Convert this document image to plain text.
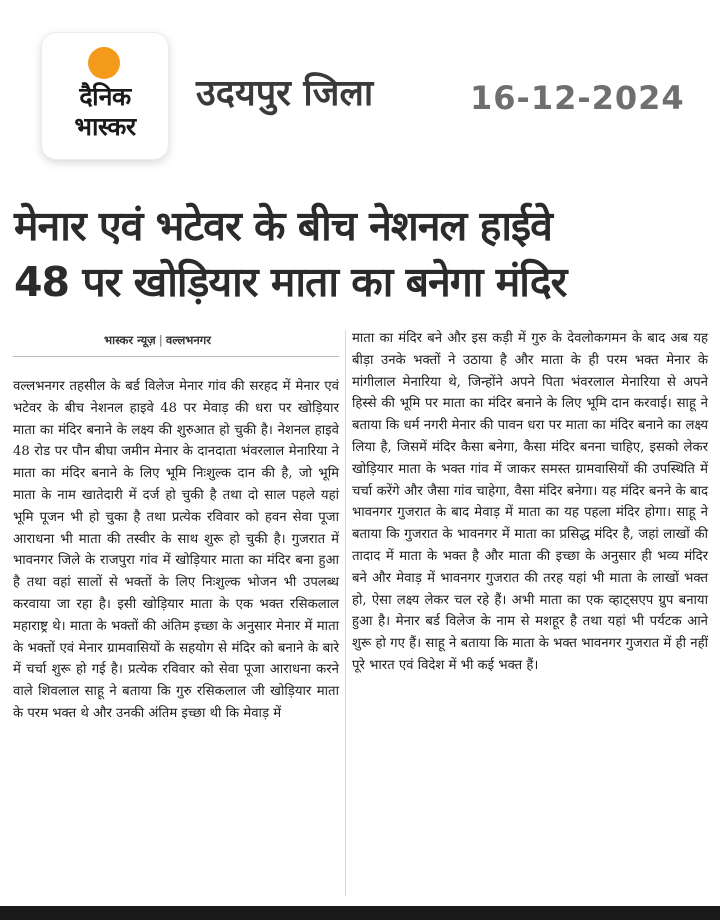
दैनिक
भास्कर
उदयपुर जिला	16-12-2024
मेनार एवं भटेवर के बीच नेशनल हाईवे
48 पर खोड़ियार माता का बनेगा मंदिर
भास्कर न्यूज़ | वल्लभनगर
वल्लभनगर तहसील के बर्ड विलेज मेनार गांव की सरहद में मेनार एवं भटेवर के बीच नेशनल हाइवे 48 पर मेवाड़ की धरा पर खोड़ियार माता का मंदिर बनाने के लक्ष्य की शुरुआत हो चुकी है। नेशनल हाइवे 48 रोड पर पौन बीघा जमीन मेनार के दानदाता भंवरलाल मेनारिया ने माता का मंदिर बनाने के लिए भूमि निःशुल्क दान की है, जो भूमि माता के नाम खातेदारी में दर्ज हो चुकी है तथा दो साल पहले यहां भूमि पूजन भी हो चुका है तथा प्रत्येक रविवार को हवन सेवा पूजा आराधना भी माता की तस्वीर के साथ शुरू हो चुकी है। गुजरात में भावनगर जिले के राजपुरा गांव में खोड़ियार माता का मंदिर बना हुआ है तथा वहां सालों से भक्तों के लिए निःशुल्क भोजन भी उपलब्ध करवाया जा रहा है। इसी खोड़ियार माता के एक भक्त रसिकलाल महाराष्ट्र थे। माता के भक्तों की अंतिम इच्छा के अनुसार मेनार में माता के भक्तों एवं मेनार ग्रामवासियों के सहयोग से मंदिर को बनाने के बारे में चर्चा शुरू हो गई है। प्रत्येक रविवार को सेवा पूजा आराधना करने वाले शिवलाल साहू ने बताया कि गुरु रसिकलाल जी खोड़ियार माता के परम भक्त थे और उनकी अंतिम इच्छा थी कि मेवाड़ में
माता का मंदिर बने और इस कड़ी में गुरु के देवलोकगमन के बाद अब यह बीड़ा उनके भक्तों ने उठाया है और माता के ही परम भक्त मेनार के मांगीलाल मेनारिया थे, जिन्होंने अपने पिता भंवरलाल मेनारिया से अपने हिस्से की भूमि पर माता का मंदिर बनाने के लिए भूमि दान करवाई। साहू ने बताया कि धर्म नगरी मेनार की पावन धरा पर माता का मंदिर बनाने का लक्ष्य लिया है, जिसमें मंदिर कैसा बनेगा, कैसा मंदिर बनना चाहिए, इसको लेकर खोड़ियार माता के भक्त गांव में जाकर समस्त ग्रामवासियों की उपस्थिति में चर्चा करेंगे और जैसा गांव चाहेगा, वैसा मंदिर बनेगा। यह मंदिर बनने के बाद भावनगर गुजरात के बाद मेवाड़ में माता का यह पहला मंदिर होगा। साहू ने बताया कि गुजरात के भावनगर में माता का प्रसिद्ध मंदिर है, जहां लाखों की तादाद में माता के भक्त है और माता की इच्छा के अनुसार ही भव्य मंदिर बने और मेवाड़ में भावनगर गुजरात की तरह यहां भी माता के लाखों भक्त हो, ऐसा लक्ष्य लेकर चल रहे हैं। अभी माता का एक व्हाट्सएप ग्रुप बनाया हुआ है। मेनार बर्ड विलेज के नाम से मशहूर है तथा यहां भी पर्यटक आने शुरू हो गए हैं। साहू ने बताया कि माता के भक्त भावनगर गुजरात में ही नहीं पूरे भारत एवं विदेश में भी कई भक्त हैं।
